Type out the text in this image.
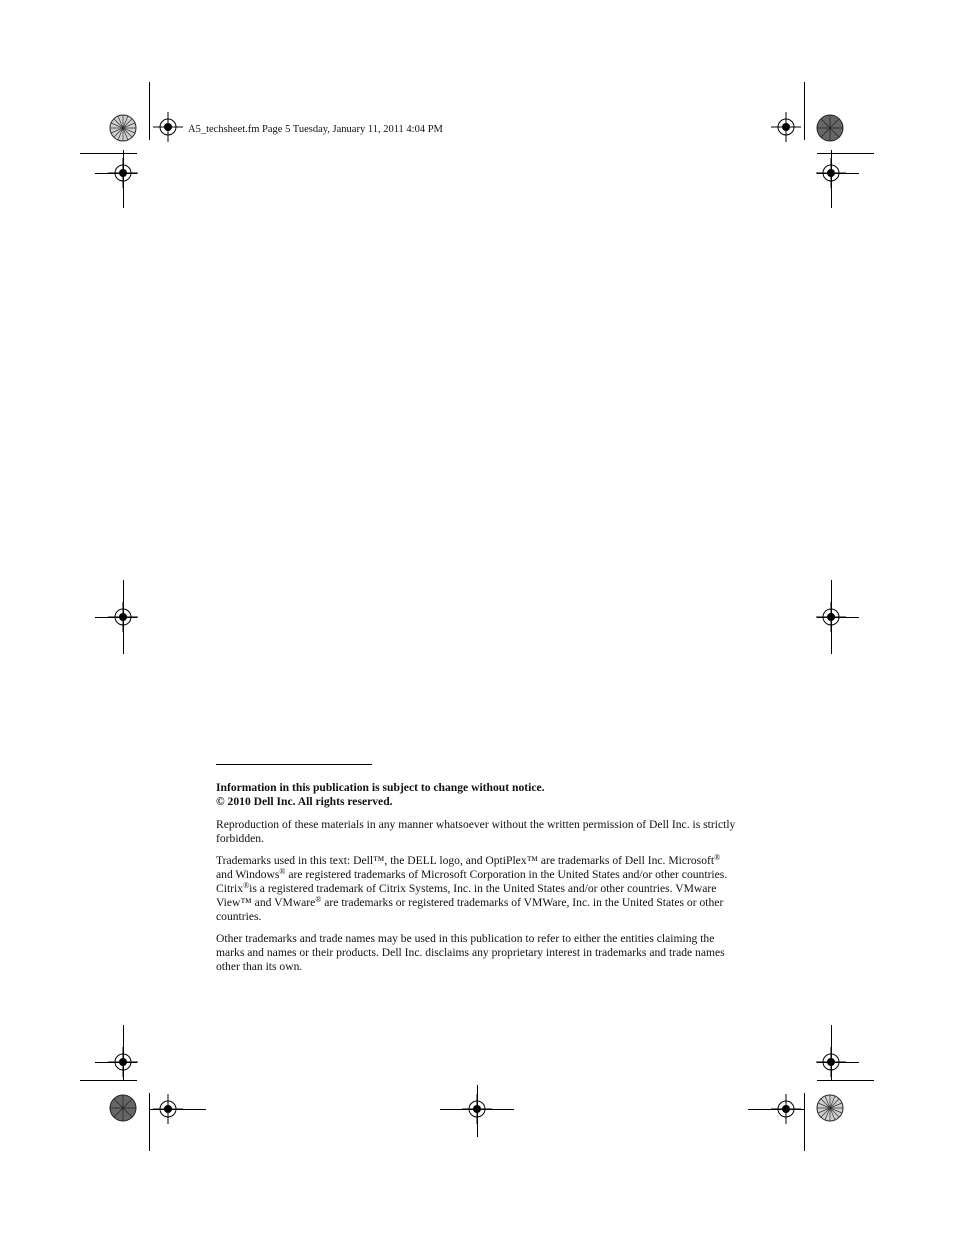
A5_techsheet.fm Page 5 Tuesday, January 11, 2011 4:04 PM

Information in this publication is subject to change without notice.
© 2010 Dell Inc. All rights reserved.

Reproduction of these materials in any manner whatsoever without the written permission of Dell Inc. is strictly forbidden.

Trademarks used in this text: Dell™, the DELL logo, and OptiPlex™ are trademarks of Dell Inc. Microsoft® and Windows® are registered trademarks of Microsoft Corporation in the United States and/or other countries. Citrix®is a registered trademark of Citrix Systems, Inc. in the United States and/or other countries. VMware View™ and VMware® are trademarks or registered trademarks of VMWare, Inc. in the United States or other countries.

Other trademarks and trade names may be used in this publication to refer to either the entities claiming the marks and names or their products. Dell Inc. disclaims any proprietary interest in trademarks and trade names other than its own.
